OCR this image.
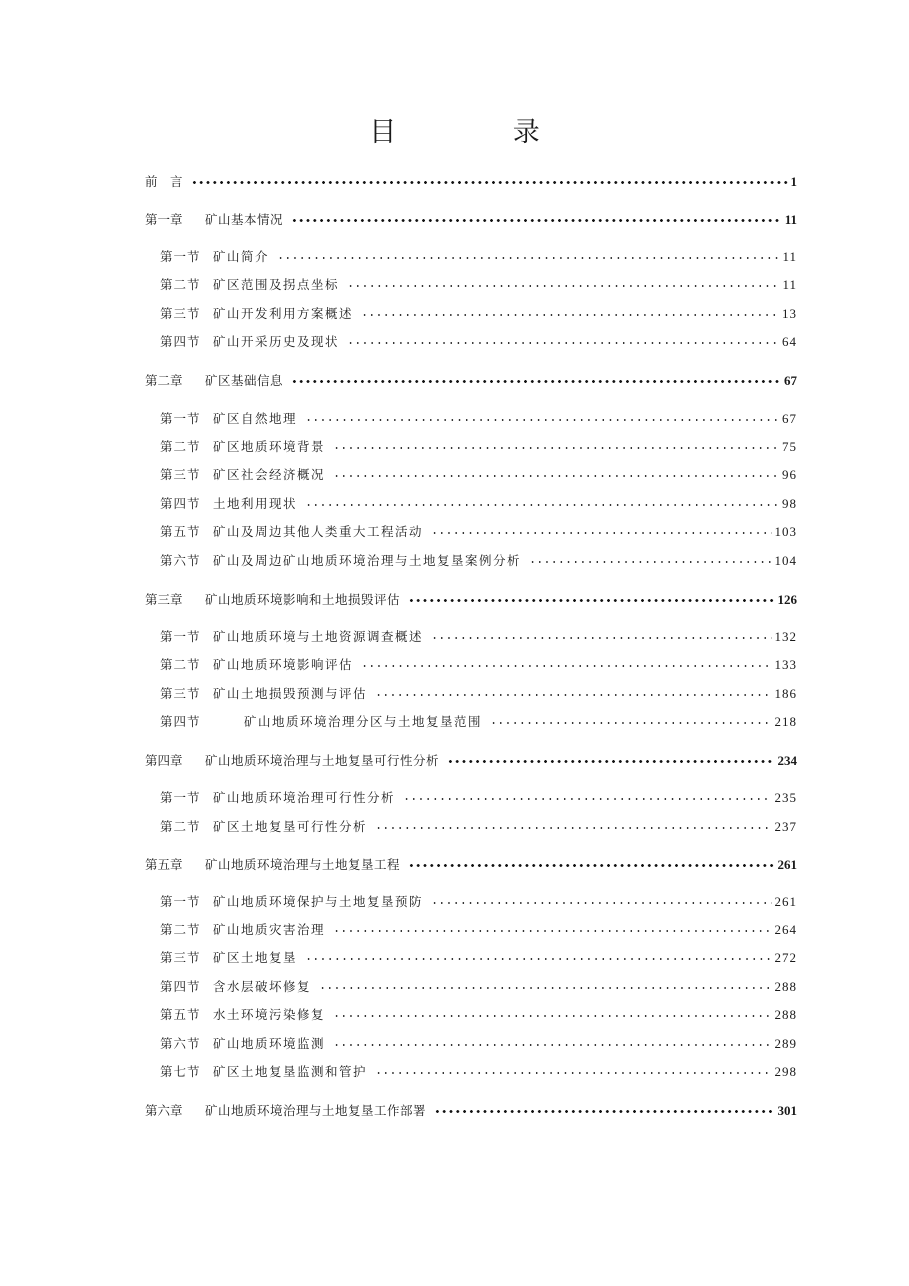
目 录
前　言	1
第一章	矿山基本情况	11
第一节 矿山简介	11
第二节 矿区范围及拐点坐标	11
第三节 矿山开发利用方案概述	13
第四节 矿山开采历史及现状	64
第二章	矿区基础信息	67
第一节 矿区自然地理	67
第二节 矿区地质环境背景	75
第三节 矿区社会经济概况	96
第四节 土地利用现状	98
第五节 矿山及周边其他人类重大工程活动	103
第六节 矿山及周边矿山地质环境治理与土地复垦案例分析	104
第三章	矿山地质环境影响和土地损毁评估	126
第一节 矿山地质环境与土地资源调查概述	132
第二节 矿山地质环境影响评估	133
第三节 矿山土地损毁预测与评估	186
第四节	矿山地质环境治理分区与土地复垦范围	218
第四章	矿山地质环境治理与土地复垦可行性分析	234
第一节 矿山地质环境治理可行性分析	235
第二节 矿区土地复垦可行性分析	237
第五章	矿山地质环境治理与土地复垦工程	261
第一节 矿山地质环境保护与土地复垦预防	261
第二节 矿山地质灾害治理	264
第三节 矿区土地复垦	272
第四节 含水层破坏修复	288
第五节 水土环境污染修复	288
第六节 矿山地质环境监测	289
第七节 矿区土地复垦监测和管护	298
第六章	矿山地质环境治理与土地复垦工作部署	301
